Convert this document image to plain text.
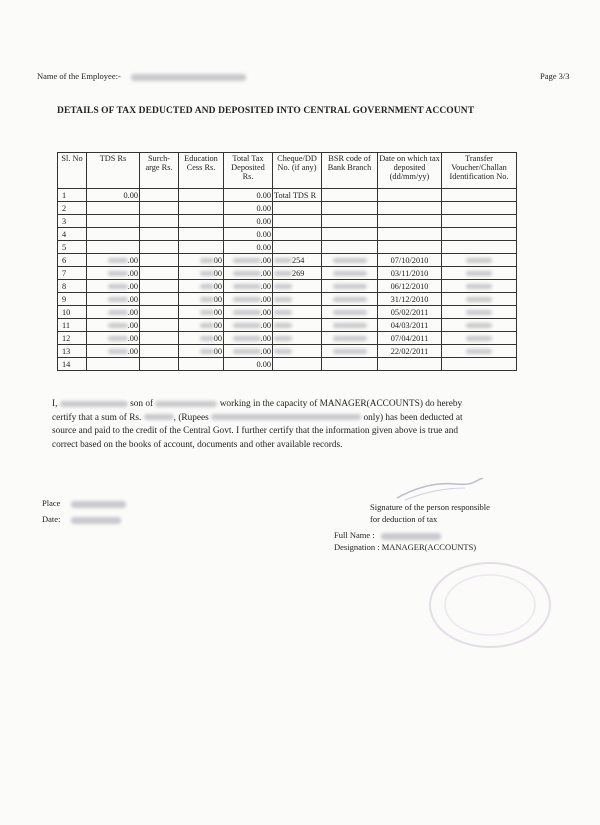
Name of the Employee:-	Page 3/3
DETAILS OF TAX DEDUCTED AND DEPOSITED INTO CENTRAL GOVERNMENT ACCOUNT
Sl. No	TDS Rs	Surch-arge Rs.	Education Cess Rs.	Total Tax Deposited Rs.	Cheque/DD No. (if any)	BSR code of Bank Branch	Date on which tax deposited (dd/mm/yy)	Transfer Voucher/Challan Identification No.
1	0.00			0.00	Total TDS R			
2				0.00				
3				0.00				
4				0.00				
5				0.00				
6	.00		00	.00	254		07/10/2010	
7	.00		00	.00	269		03/11/2010	
8	.00		00	.00			06/12/2010	
9	.00		00	.00			31/12/2010	
10	.00		00	.00			05/02/2011	
11	.00		00	.00			04/03/2011	
12	.00		00	.00			07/04/2011	
13	.00		00	.00			22/02/2011	
14				0.00				
I,	son of	working in the capacity of MANAGER(ACCOUNTS) do hereby
certify that a sum of Rs.	, (Rupees	only) has been deducted at
source and paid to the credit of the Central Govt. I further certify that the information given above is true and
correct based on the books of account, documents and other available records.
Place
Date:
Signature of the person responsible
for deduction of tax
Full Name :
Designation : MANAGER(ACCOUNTS)
